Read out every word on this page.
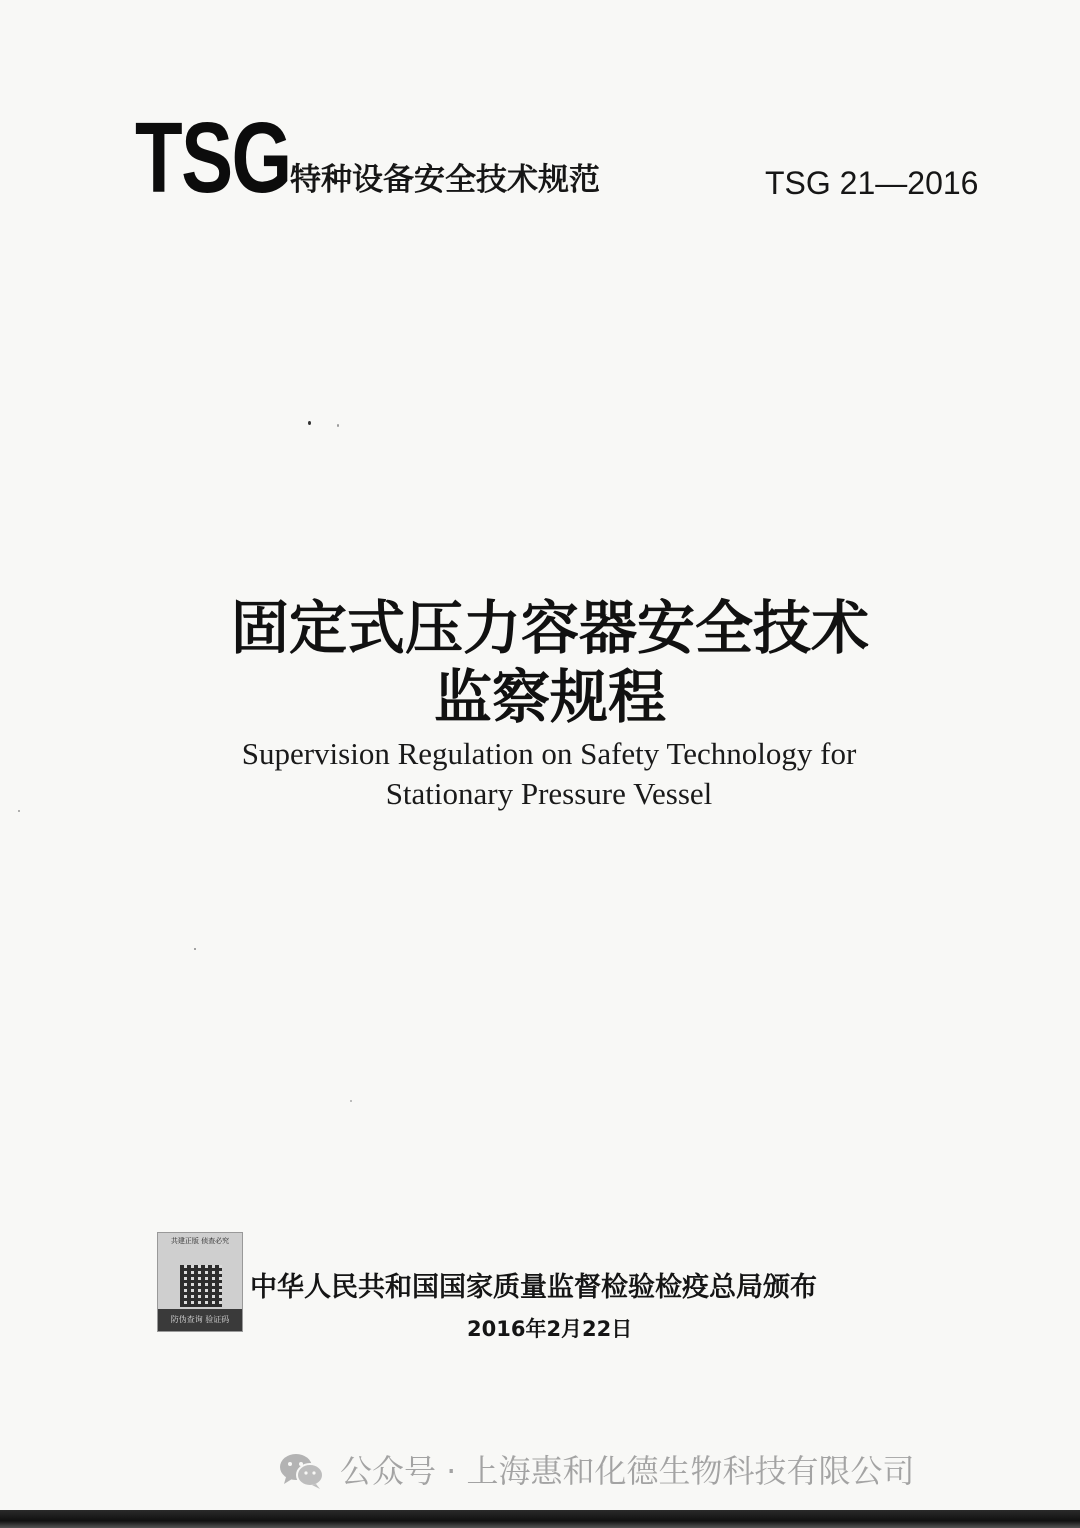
TSG 特种设备安全技术规范	TSG 21—2016
固定式压力容器安全技术
监察规程
Supervision Regulation on Safety Technology for
Stationary Pressure Vessel
共建正版 侦查必究
防伪查询 验证码
中华人民共和国国家质量监督检验检疫总局颁布
2016年2月22日
公众号 · 上海惠和化德生物科技有限公司
